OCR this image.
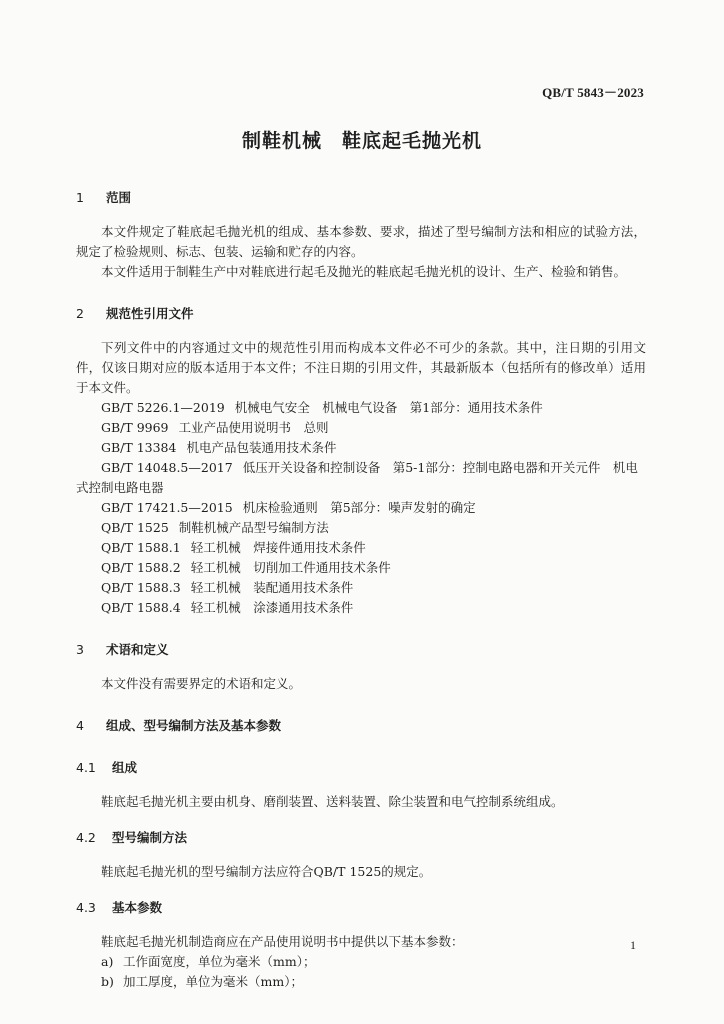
QB/T 5843－2023
制鞋机械　鞋底起毛抛光机
1 范围

本文件规定了鞋底起毛抛光机的组成、基本参数、要求，描述了型号编制方法和相应的试验方法，规定了检验规则、标志、包装、运输和贮存的内容。

本文件适用于制鞋生产中对鞋底进行起毛及抛光的鞋底起毛抛光机的设计、生产、检验和销售。

2 规范性引用文件

下列文件中的内容通过文中的规范性引用而构成本文件必不可少的条款。其中，注日期的引用文件，仅该日期对应的版本适用于本文件；不注日期的引用文件，其最新版本（包括所有的修改单）适用于本文件。

GB/T 5226.1—2019 机械电气安全　机械电气设备　第1部分：通用技术条件
GB/T 9969 工业产品使用说明书　总则
GB/T 13384 机电产品包装通用技术条件
GB/T 14048.5—2017 低压开关设备和控制设备　第5-1部分：控制电路电器和开关元件　机电式控制电路电器
GB/T 17421.5—2015 机床检验通则　第5部分：噪声发射的确定
QB/T 1525 制鞋机械产品型号编制方法
QB/T 1588.1 轻工机械　焊接件通用技术条件
QB/T 1588.2 轻工机械　切削加工件通用技术条件
QB/T 1588.3 轻工机械　装配通用技术条件
QB/T 1588.4 轻工机械　涂漆通用技术条件
3 术语和定义

本文件没有需要界定的术语和定义。

4 组成、型号编制方法及基本参数
4.1 组成

鞋底起毛抛光机主要由机身、磨削装置、送料装置、除尘装置和电气控制系统组成。

4.2 型号编制方法

鞋底起毛抛光机的型号编制方法应符合QB/T 1525的规定。

4.3 基本参数

鞋底起毛抛光机制造商应在产品使用说明书中提供以下基本参数：

a) 工作面宽度，单位为毫米（mm）；
b) 加工厚度，单位为毫米（mm）；
1
